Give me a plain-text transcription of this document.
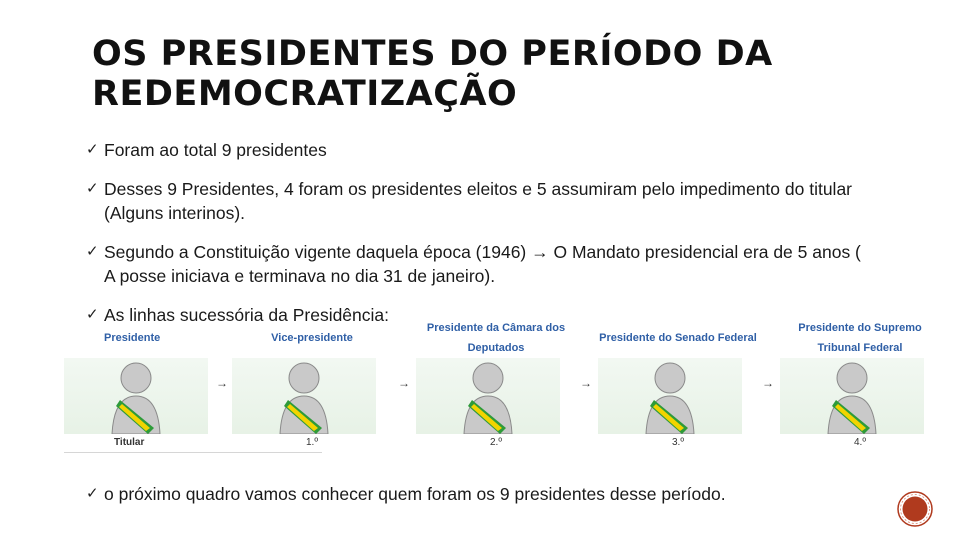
OS PRESIDENTES DO PERÍODO DA
REDEMOCRATIZAÇÃO
✓ Foram ao total 9 presidentes
✓ Desses 9 Presidentes, 4 foram os presidentes eleitos e 5 assumiram pelo impedimento do titular (Alguns interinos).
✓ Segundo a Constituição vigente daquela época (1946) → O Mandato presidencial era de 5 anos ( A posse iniciava e terminava no dia 31 de janeiro).
✓ As linhas sucessória da Presidência:
Presidente
Titular
→
Vice-presidente
1.º
→
Presidente da Câmara dos Deputados
2.º
→
Presidente do Senado Federal
3.º
→
Presidente do Supremo Tribunal Federal
4.º
✓ o próximo quadro vamos conhecer quem foram os 9 presidentes desse período.
